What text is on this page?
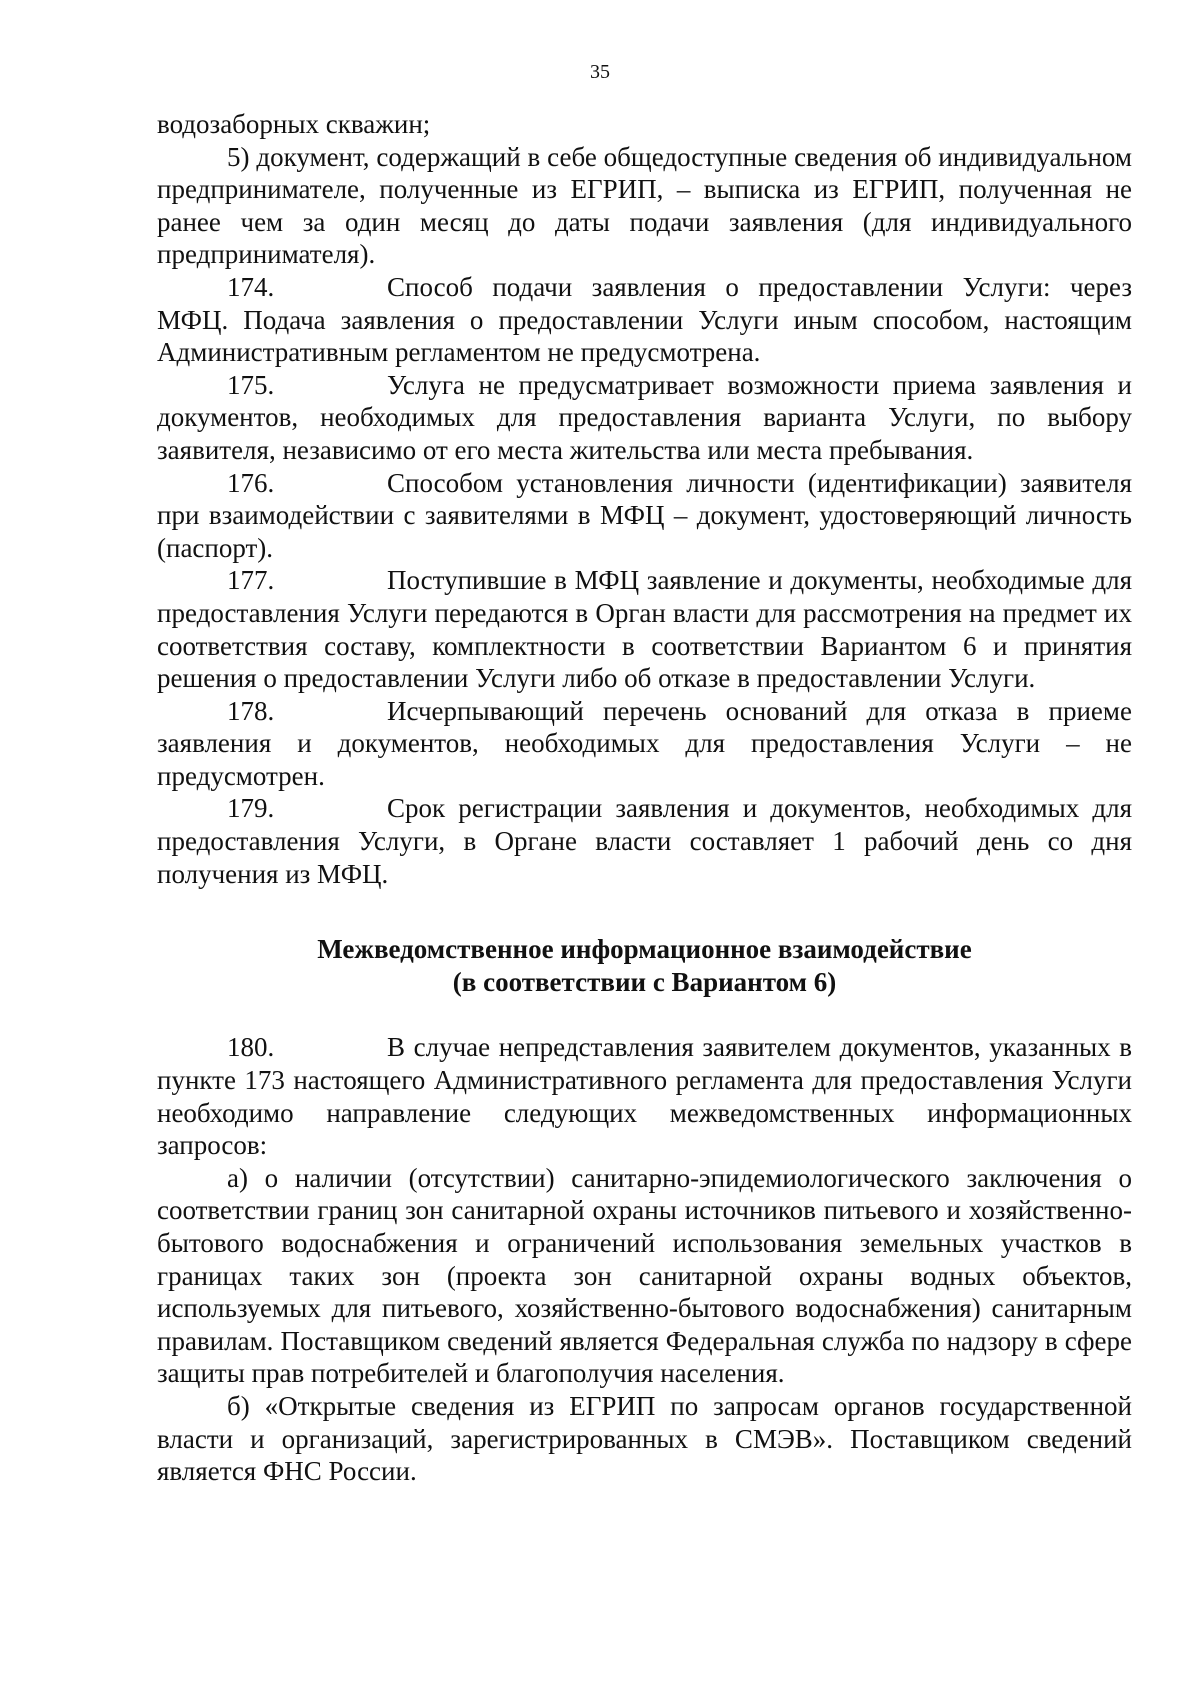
35

водозаборных скважин;

5) документ, содержащий в себе общедоступные сведения об индивидуальном предпринимателе, полученные из ЕГРИП, – выписка из ЕГРИП, полученная не ранее чем за один месяц до даты подачи заявления (для индивидуального предпринимателя).

174.	Способ подачи заявления о предоставлении Услуги: через МФЦ. Подача заявления о предоставлении Услуги иным способом, настоящим Административным регламентом не предусмотрена.

175.	Услуга не предусматривает возможности приема заявления и документов, необходимых для предоставления варианта Услуги, по выбору заявителя, независимо от его места жительства или места пребывания.

176.	Способом установления личности (идентификации) заявителя при взаимодействии с заявителями в МФЦ – документ, удостоверяющий личность (паспорт).

177.	Поступившие в МФЦ заявление и документы, необходимые для предоставления Услуги передаются в Орган власти для рассмотрения на предмет их соответствия составу, комплектности в соответствии Вариантом 6 и принятия решения о предоставлении Услуги либо об отказе в предоставлении Услуги.

178.	Исчерпывающий перечень оснований для отказа в приеме заявления и документов, необходимых для предоставления Услуги – не предусмотрен.

179.	Срок регистрации заявления и документов, необходимых для предоставления Услуги, в Органе власти составляет 1 рабочий день со дня получения из МФЦ.

Межведомственное информационное взаимодействие

(в соответствии с Вариантом 6)

180.	В случае непредставления заявителем документов, указанных в пункте 173 настоящего Административного регламента для предоставления Услуги необходимо направление следующих межведомственных информационных запросов:

а) о наличии (отсутствии) санитарно-эпидемиологического заключения о соответствии границ зон санитарной охраны источников питьевого и хозяйственно-бытового водоснабжения и ограничений использования земельных участков в границах таких зон (проекта зон санитарной охраны водных объектов, используемых для питьевого, хозяйственно-бытового водоснабжения) санитарным правилам. Поставщиком сведений является Федеральная служба по надзору в сфере защиты прав потребителей и благополучия населения.

б) «Открытые сведения из ЕГРИП по запросам органов государственной власти и организаций, зарегистрированных в СМЭВ». Поставщиком сведений является ФНС России.
